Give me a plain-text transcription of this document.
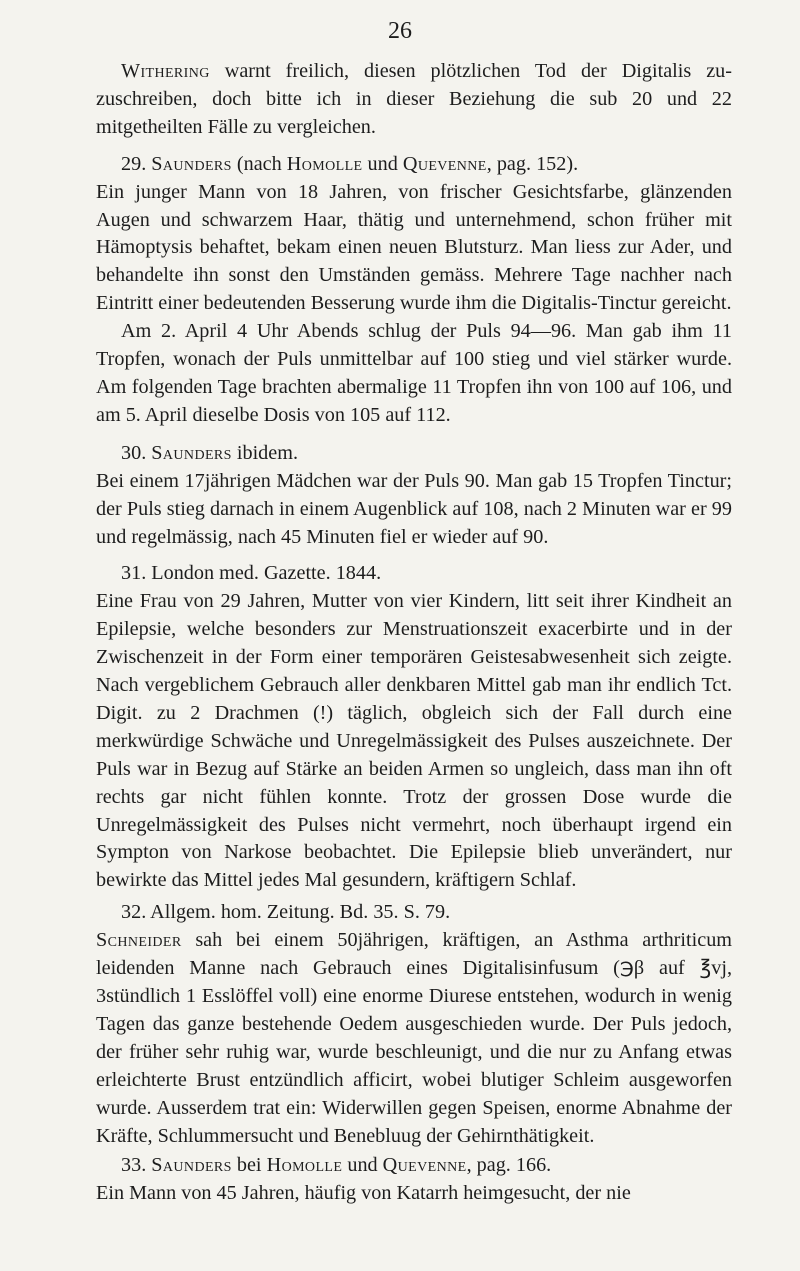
26

Withering warnt freilich, diesen plötzlichen Tod der Digitalis zuzuschreiben, doch bitte ich in dieser Beziehung die sub 20 und 22 mitgetheilten Fälle zu vergleichen.

29. Saunders (nach Homolle und Quevenne, pag. 152).

Ein junger Mann von 18 Jahren, von frischer Gesichtsfarbe, glänzenden Augen und schwarzem Haar, thätig und unternehmend, schon früher mit Hämoptysis behaftet, bekam einen neuen Blutsturz. Man liess zur Ader, und behandelte ihn sonst den Umständen gemäss. Mehrere Tage nachher nach Eintritt einer bedeutenden Besserung wurde ihm die Digitalis-Tinctur gereicht.

Am 2. April 4 Uhr Abends schlug der Puls 94—96. Man gab ihm 11 Tropfen, wonach der Puls unmittelbar auf 100 stieg und viel stärker wurde. Am folgenden Tage brachten abermalige 11 Tropfen ihn von 100 auf 106, und am 5. April dieselbe Dosis von 105 auf 112.

30. Saunders ibidem.

Bei einem 17jährigen Mädchen war der Puls 90. Man gab 15 Tropfen Tinctur; der Puls stieg darnach in einem Augenblick auf 108, nach 2 Minuten war er 99 und regelmässig, nach 45 Minuten fiel er wieder auf 90.

31. London med. Gazette. 1844.

Eine Frau von 29 Jahren, Mutter von vier Kindern, litt seit ihrer Kindheit an Epilepsie, welche besonders zur Menstruationszeit exacerbirte und in der Zwischenzeit in der Form einer temporären Geistesabwesenheit sich zeigte. Nach vergeblichem Gebrauch aller denkbaren Mittel gab man ihr endlich Tct. Digit. zu 2 Drachmen (!) täglich, obgleich sich der Fall durch eine merkwürdige Schwäche und Unregelmässigkeit des Pulses auszeichnete. Der Puls war in Bezug auf Stärke an beiden Armen so ungleich, dass man ihn oft rechts gar nicht fühlen konnte. Trotz der grossen Dose wurde die Unregelmässigkeit des Pulses nicht vermehrt, noch überhaupt irgend ein Sympton von Narkose beobachtet. Die Epilepsie blieb unverändert, nur bewirkte das Mittel jedes Mal gesundern, kräftigern Schlaf.

32. Allgem. hom. Zeitung. Bd. 35. S. 79.

Schneider sah bei einem 50jährigen, kräftigen, an Asthma arthriticum leidenden Manne nach Gebrauch eines Digitalisinfusum (℈β auf ℥vj, 3stündlich 1 Esslöffel voll) eine enorme Diurese entstehen, wodurch in wenig Tagen das ganze bestehende Oedem ausgeschieden wurde. Der Puls jedoch, der früher sehr ruhig war, wurde beschleunigt, und die nur zu Anfang etwas erleichterte Brust entzündlich afficirt, wobei blutiger Schleim ausgeworfen wurde. Ausserdem trat ein: Widerwillen gegen Speisen, enorme Abnahme der Kräfte, Schlummersucht und Benebluug der Gehirnthätigkeit.

33. Saunders bei Homolle und Quevenne, pag. 166.

Ein Mann von 45 Jahren, häufig von Katarrh heimgesucht, der nie
